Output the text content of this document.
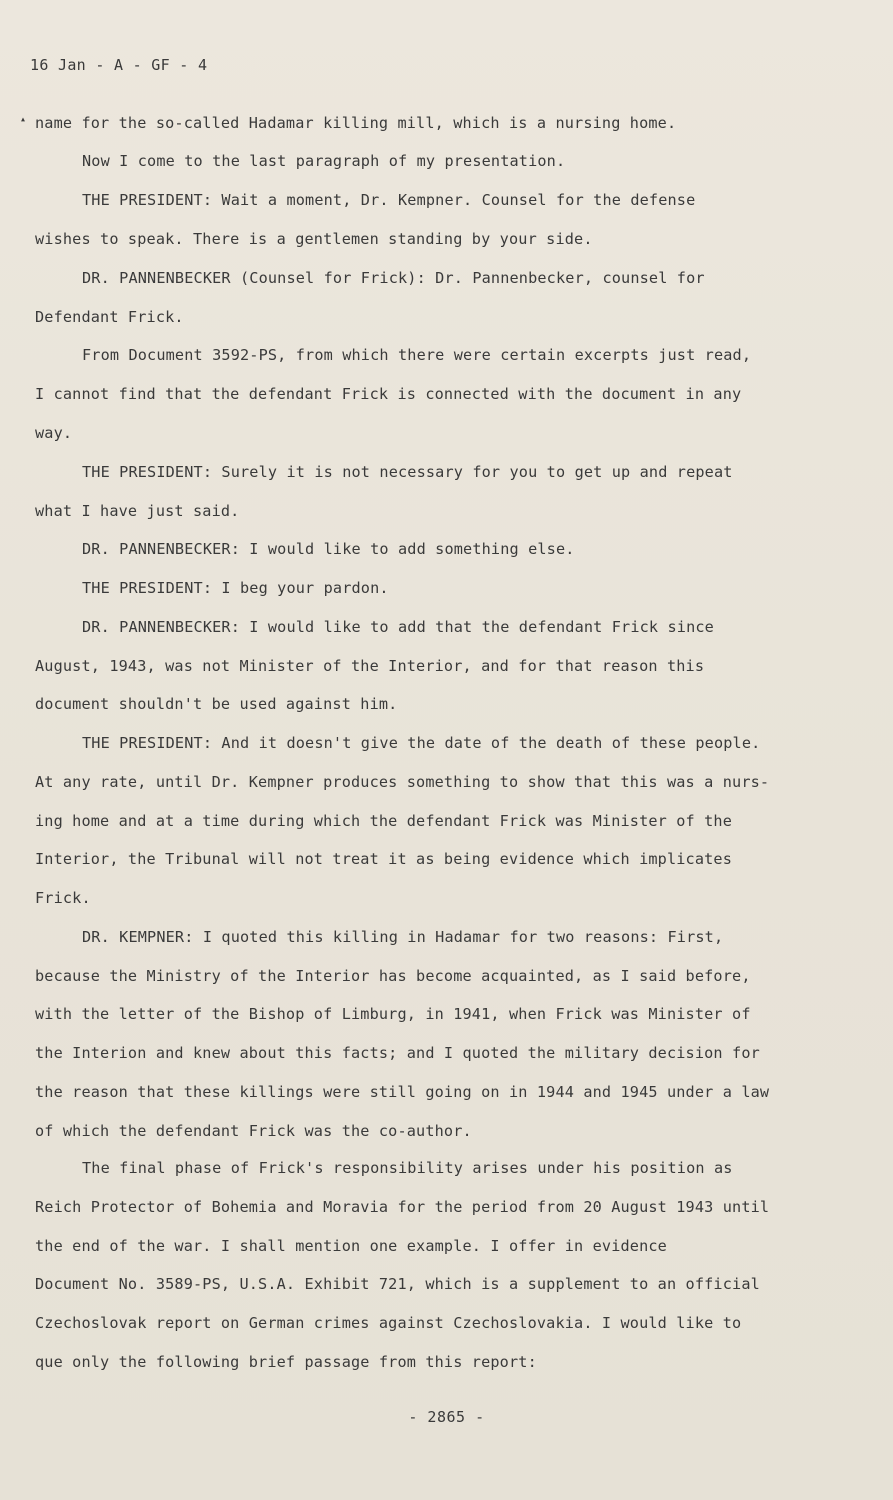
16 Jan - A - GF - 4
▴ name for the so-called Hadamar killing mill, which is a nursing home.
Now I come to the last paragraph of my presentation.
THE PRESIDENT: Wait a moment, Dr. Kempner. Counsel for the defense
wishes to speak. There is a gentlemen standing by your side.
DR. PANNENBECKER (Counsel for Frick): Dr. Pannenbecker, counsel for
Defendant Frick.
From Document 3592-PS, from which there were certain excerpts just read,
I cannot find that the defendant Frick is connected with the document in any
way.
THE PRESIDENT: Surely it is not necessary for you to get up and repeat
what I have just said.
DR. PANNENBECKER: I would like to add something else.
THE PRESIDENT: I beg your pardon.
DR. PANNENBECKER: I would like to add that the defendant Frick since
August, 1943, was not Minister of the Interior, and for that reason this
document shouldn't be used against him.
THE PRESIDENT: And it doesn't give the date of the death of these people.
At any rate, until Dr. Kempner produces something to show that this was a nurs-
ing home and at a time during which the defendant Frick was Minister of the
Interior, the Tribunal will not treat it as being evidence which implicates
Frick.
DR. KEMPNER: I quoted this killing in Hadamar for two reasons: First,
because the Ministry of the Interior has become acquainted, as I said before,
with the letter of the Bishop of Limburg, in 1941, when Frick was Minister of
the Interion and knew about this facts; and I quoted the military decision for
the reason that these killings were still going on in 1944 and 1945 under a law
of which the defendant Frick was the co-author.
The final phase of Frick's responsibility arises under his position as
Reich Protector of Bohemia and Moravia for the period from 20 August 1943 until
the end of the war. I shall mention one example. I offer in evidence
Document No. 3589-PS, U.S.A. Exhibit 721, which is a supplement to an official
Czechoslovak report on German crimes against Czechoslovakia. I would like to
que only the following brief passage from this report:
- 2865 -
